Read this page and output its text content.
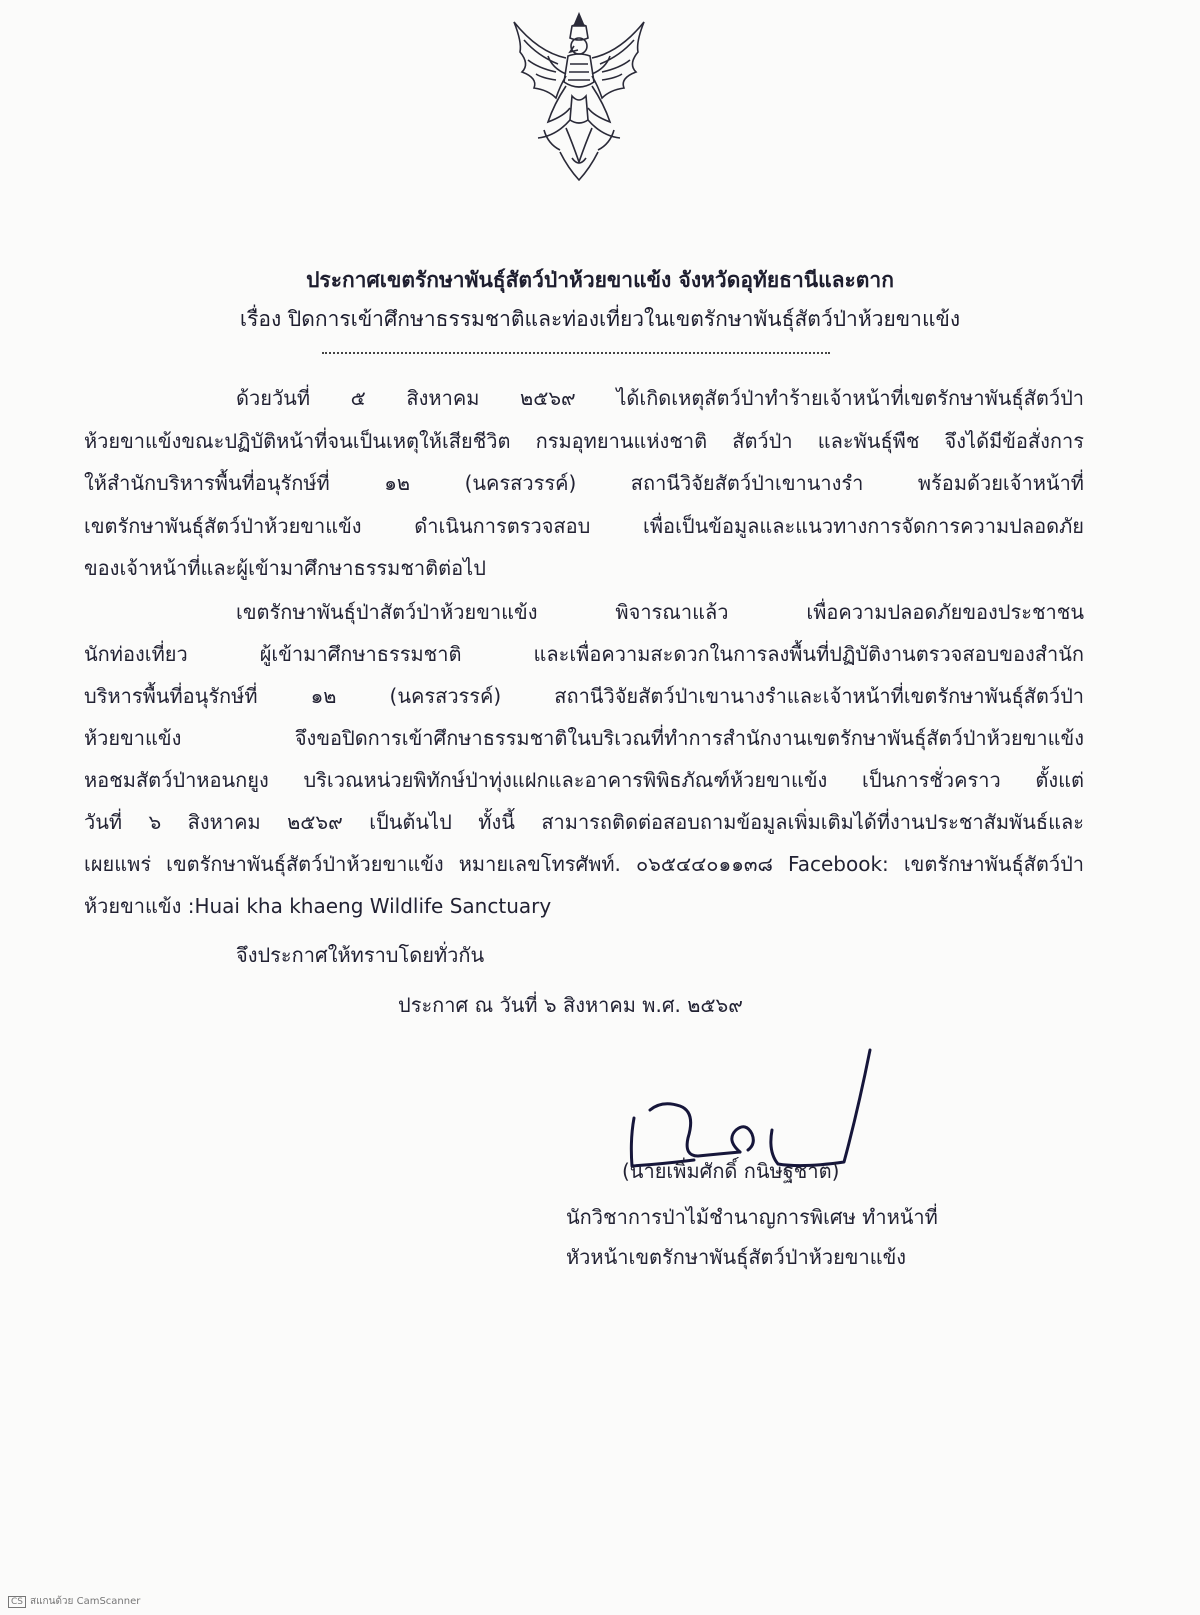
ประกาศเขตรักษาพันธุ์สัตว์ป่าห้วยขาแข้ง จังหวัดอุทัยธานีและตาก
เรื่อง ปิดการเข้าศึกษาธรรมชาติและท่องเที่ยวในเขตรักษาพันธุ์สัตว์ป่าห้วยขาแข้ง
ด้วยวันที่ ๕ สิงหาคม ๒๕๖๙ ได้เกิดเหตุสัตว์ป่าทำร้ายเจ้าหน้าที่เขตรักษาพันธุ์สัตว์ป่า
ห้วยขาแข้งขณะปฏิบัติหน้าที่จนเป็นเหตุให้เสียชีวิต กรมอุทยานแห่งชาติ สัตว์ป่า และพันธุ์พืช จึงได้มีข้อสั่งการ
ให้สำนักบริหารพื้นที่อนุรักษ์ที่ ๑๒ (นครสวรรค์) สถานีวิจัยสัตว์ป่าเขานางรำ พร้อมด้วยเจ้าหน้าที่
เขตรักษาพันธุ์สัตว์ป่าห้วยขาแข้ง ดำเนินการตรวจสอบ เพื่อเป็นข้อมูลและแนวทางการจัดการความปลอดภัย
ของเจ้าหน้าที่และผู้เข้ามาศึกษาธรรมชาติต่อไป
เขตรักษาพันธุ์ป่าสัตว์ป่าห้วยขาแข้ง พิจารณาแล้ว เพื่อความปลอดภัยของประชาชน
นักท่องเที่ยว ผู้เข้ามาศึกษาธรรมชาติ และเพื่อความสะดวกในการลงพื้นที่ปฏิบัติงานตรวจสอบของสำนัก
บริหารพื้นที่อนุรักษ์ที่ ๑๒ (นครสวรรค์) สถานีวิจัยสัตว์ป่าเขานางรำและเจ้าหน้าที่เขตรักษาพันธุ์สัตว์ป่า
ห้วยขาแข้ง จึงขอปิดการเข้าศึกษาธรรมชาติในบริเวณที่ทำการสำนักงานเขตรักษาพันธุ์สัตว์ป่าห้วยขาแข้ง
หอชมสัตว์ป่าหอนกยูง บริเวณหน่วยพิทักษ์ป่าทุ่งแฝกและอาคารพิพิธภัณฑ์ห้วยขาแข้ง เป็นการชั่วคราว ตั้งแต่
วันที่ ๖ สิงหาคม ๒๕๖๙ เป็นต้นไป ทั้งนี้ สามารถติดต่อสอบถามข้อมูลเพิ่มเติมได้ที่งานประชาสัมพันธ์และ
เผยแพร่ เขตรักษาพันธุ์สัตว์ป่าห้วยขาแข้ง หมายเลขโทรศัพท์. ๐๖๕๔๔๐๑๑๓๘ Facebook: เขตรักษาพันธุ์สัตว์ป่า
ห้วยขาแข้ง :Huai kha khaeng Wildlife Sanctuary
จึงประกาศให้ทราบโดยทั่วกัน
ประกาศ ณ วันที่ ๖ สิงหาคม พ.ศ. ๒๕๖๙
(นายเพิ่มศักดิ์ กนิษฐชาต)
นักวิชาการป่าไม้ชำนาญการพิเศษ ทำหน้าที่
หัวหน้าเขตรักษาพันธุ์สัตว์ป่าห้วยขาแข้ง
CS สแกนด้วย CamScanner
